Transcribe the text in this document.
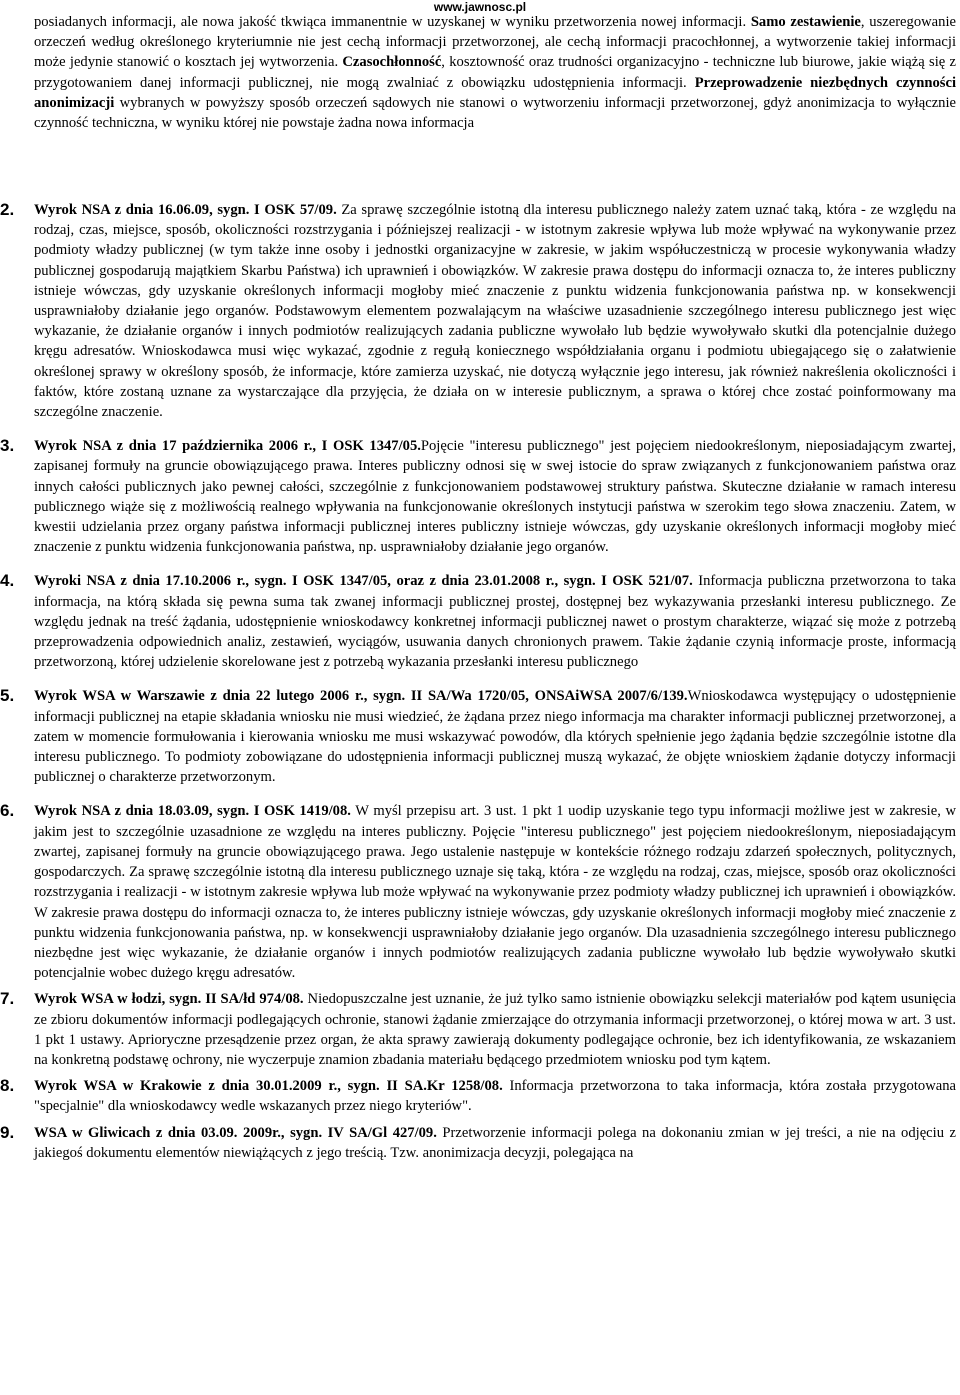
www.jawnosc.pl

posiadanych informacji, ale nowa jakość tkwiąca immanentnie w uzyskanej w wyniku przetworzenia nowej informacji. Samo zestawienie, uszeregowanie orzeczeń według określonego kryteriumnie nie jest cechą informacji przetworzonej, ale cechą informacji pracochłonnej, a wytworzenie takiej informacji może jedynie stanowić o kosztach jej wytworzenia. Czasochłonność, kosztowność oraz trudności organizacyjno - techniczne lub biurowe, jakie wiążą się z przygotowaniem danej informacji publicznej, nie mogą zwalniać z obowiązku udostępnienia informacji. Przeprowadzenie niezbędnych czynności anonimizacji wybranych w powyższy sposób orzeczeń sądowych nie stanowi o wytworzeniu informacji przetworzonej, gdyż anonimizacja to wyłącznie czynność techniczna, w wyniku której nie powstaje żadna nowa informacja

2. Wyrok NSA z dnia 16.06.09, sygn. I OSK 57/09. Za sprawę szczególnie istotną dla interesu publicznego należy zatem uznać taką, która - ze względu na rodzaj, czas, miejsce, sposób, okoliczności rozstrzygania i późniejszej realizacji - w istotnym zakresie wpływa lub może wpływać na wykonywanie przez podmioty władzy publicznej (w tym także inne osoby i jednostki organizacyjne w zakresie, w jakim współuczestniczą w procesie wykonywania władzy publicznej gospodarują majątkiem Skarbu Państwa) ich uprawnień i obowiązków. W zakresie prawa dostępu do informacji oznacza to, że interes publiczny istnieje wówczas, gdy uzyskanie określonych informacji mogłoby mieć znaczenie z punktu widzenia funkcjonowania państwa np. w konsekwencji usprawniałoby działanie jego organów. Podstawowym elementem pozwalającym na właściwe uzasadnienie szczególnego interesu publicznego jest więc wykazanie, że działanie organów i innych podmiotów realizujących zadania publiczne wywołało lub będzie wywoływało skutki dla potencjalnie dużego kręgu adresatów. Wnioskodawca musi więc wykazać, zgodnie z regułą koniecznego współdziałania organu i podmiotu ubiegającego się o załatwienie określonej sprawy w określony sposób, że informacje, które zamierza uzyskać, nie dotyczą wyłącznie jego interesu, jak również nakreślenia okoliczności i faktów, które zostaną uznane za wystarczające dla przyjęcia, że działa on w interesie publicznym, a sprawa o której chce zostać poinformowany ma szczególne znaczenie.
3. Wyrok NSA z dnia 17 października 2006 r., I OSK 1347/05.Pojęcie "interesu publicznego" jest pojęciem niedookreślonym, nieposiadającym zwartej, zapisanej formuły na gruncie obowiązującego prawa. Interes publiczny odnosi się w swej istocie do spraw związanych z funkcjonowaniem państwa oraz innych całości publicznych jako pewnej całości, szczególnie z funkcjonowaniem podstawowej struktury państwa. Skuteczne działanie w ramach interesu publicznego wiąże się z możliwością realnego wpływania na funkcjonowanie określonych instytucji państwa w szerokim tego słowa znaczeniu. Zatem, w kwestii udzielania przez organy państwa informacji publicznej interes publiczny istnieje wówczas, gdy uzyskanie określonych informacji mogłoby mieć znaczenie z punktu widzenia funkcjonowania państwa, np. usprawniałoby działanie jego organów.
4. Wyroki NSA z dnia 17.10.2006 r., sygn. I OSK 1347/05, oraz z dnia 23.01.2008 r., sygn. I OSK 521/07. Informacja publiczna przetworzona to taka informacja, na którą składa się pewna suma tak zwanej informacji publicznej prostej, dostępnej bez wykazywania przesłanki interesu publicznego. Ze względu jednak na treść żądania, udostępnienie wnioskodawcy konkretnej informacji publicznej nawet o prostym charakterze, wiązać się może z potrzebą przeprowadzenia odpowiednich analiz, zestawień, wyciągów, usuwania danych chronionych prawem. Takie żądanie czynią informacje proste, informacją przetworzoną, której udzielenie skorelowane jest z potrzebą wykazania przesłanki interesu publicznego
5. Wyrok WSA w Warszawie z dnia 22 lutego 2006 r., sygn. II SA/Wa 1720/05, ONSAiWSA 2007/6/139.Wnioskodawca występujący o udostępnienie informacji publicznej na etapie składania wniosku nie musi wiedzieć, że żądana przez niego informacja ma charakter informacji publicznej przetworzonej, a zatem w momencie formułowania i kierowania wniosku me musi wskazywać powodów, dla których spełnienie jego żądania będzie szczególnie istotne dla interesu publicznego. To podmioty zobowiązane do udostępnienia informacji publicznej muszą wykazać, że objęte wnioskiem żądanie dotyczy informacji publicznej o charakterze przetworzonym.
6. Wyrok NSA z dnia 18.03.09, sygn. I OSK 1419/08. W myśl przepisu art. 3 ust. 1 pkt 1 uodip uzyskanie tego typu informacji możliwe jest w zakresie, w jakim jest to szczególnie uzasadnione ze względu na interes publiczny. Pojęcie "interesu publicznego" jest pojęciem niedookreślonym, nieposiadającym zwartej, zapisanej formuły na gruncie obowiązującego prawa. Jego ustalenie następuje w kontekście różnego rodzaju zdarzeń społecznych, politycznych, gospodarczych. Za sprawę szczególnie istotną dla interesu publicznego uznaje się taką, która - ze względu na rodzaj, czas, miejsce, sposób oraz okoliczności rozstrzygania i realizacji - w istotnym zakresie wpływa lub może wpływać na wykonywanie przez podmioty władzy publicznej ich uprawnień i obowiązków. W zakresie prawa dostępu do informacji oznacza to, że interes publiczny istnieje wówczas, gdy uzyskanie określonych informacji mogłoby mieć znaczenie z punktu widzenia funkcjonowania państwa, np. w konsekwencji usprawniałoby działanie jego organów. Dla uzasadnienia szczególnego interesu publicznego niezbędne jest więc wykazanie, że działanie organów i innych podmiotów realizujących zadania publiczne wywołało lub będzie wywoływało skutki potencjalnie wobec dużego kręgu adresatów.
7. Wyrok WSA w łodzi, sygn. II SA/łd 974/08. Niedopuszczalne jest uznanie, że już tylko samo istnienie obowiązku selekcji materiałów pod kątem usunięcia ze zbioru dokumentów informacji podlegających ochronie, stanowi żądanie zmierzające do otrzymania informacji przetworzonej, o której mowa w art. 3 ust. 1 pkt 1 ustawy. Aprioryczne przesądzenie przez organ, że akta sprawy zawierają dokumenty podlegające ochronie, bez ich identyfikowania, ze wskazaniem na konkretną podstawę ochrony, nie wyczerpuje znamion zbadania materiału będącego przedmiotem wniosku pod tym kątem.
8. Wyrok WSA w Krakowie z dnia 30.01.2009 r., sygn. II SA.Kr 1258/08. Informacja przetworzona to taka informacja, która została przygotowana "specjalnie" dla wnioskodawcy wedle wskazanych przez niego kryteriów".
9. WSA w Gliwicach z dnia 03.09. 2009r., sygn. IV SA/Gl 427/09. Przetworzenie informacji polega na dokonaniu zmian w jej treści, a nie na odjęciu z jakiegoś dokumentu elementów niewiążących z jego treścią. Tzw. anonimizacja decyzji, polegająca na
